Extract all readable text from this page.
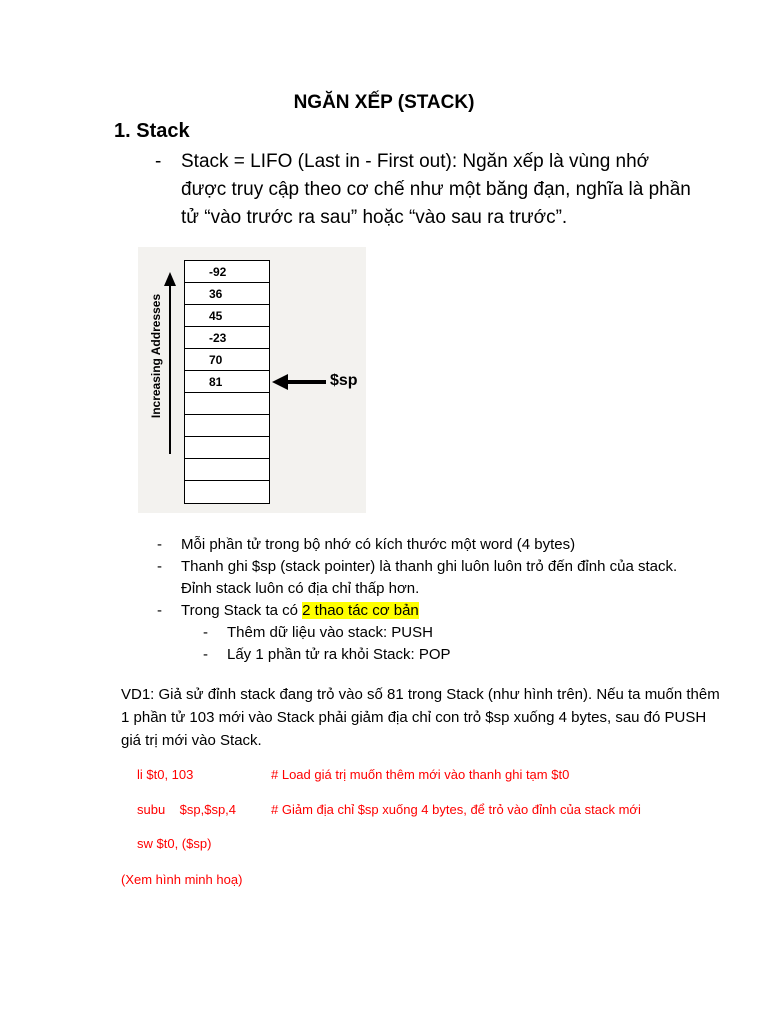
NGĂN XẾP (STACK)
1. Stack
- Stack = LIFO (Last in - First out): Ngăn xếp là vùng nhớ được truy cập theo cơ chế như một băng đạn, nghĩa là phần tử “vào trước ra sau” hoặc “vào sau ra trước”.
Increasing Addresses
-92
36
45
-23
70
81	$sp
- Mỗi phần tử trong bộ nhớ có kích thước một word (4 bytes)
- Thanh ghi $sp (stack pointer) là thanh ghi luôn luôn trỏ đến đỉnh của stack. Đỉnh stack luôn có địa chỉ thấp hơn.
- Trong Stack ta có 2 thao tác cơ bản
- Thêm dữ liệu vào stack: PUSH
- Lấy 1 phần tử ra khỏi Stack: POP
VD1: Giả sử đỉnh stack đang trỏ vào số 81 trong Stack (như hình trên). Nếu ta muốn thêm 1 phần tử 103 mới vào Stack phải giảm địa chỉ con trỏ $sp xuống 4 bytes, sau đó PUSH giá trị mới vào Stack.
li $t0, 103	# Load giá trị muốn thêm mới vào thanh ghi tạm $t0
subu    $sp,$sp,4	# Giảm địa chỉ $sp xuống 4 bytes, để trỏ vào đỉnh của stack mới
sw $t0, ($sp)
(Xem hình minh hoạ)
